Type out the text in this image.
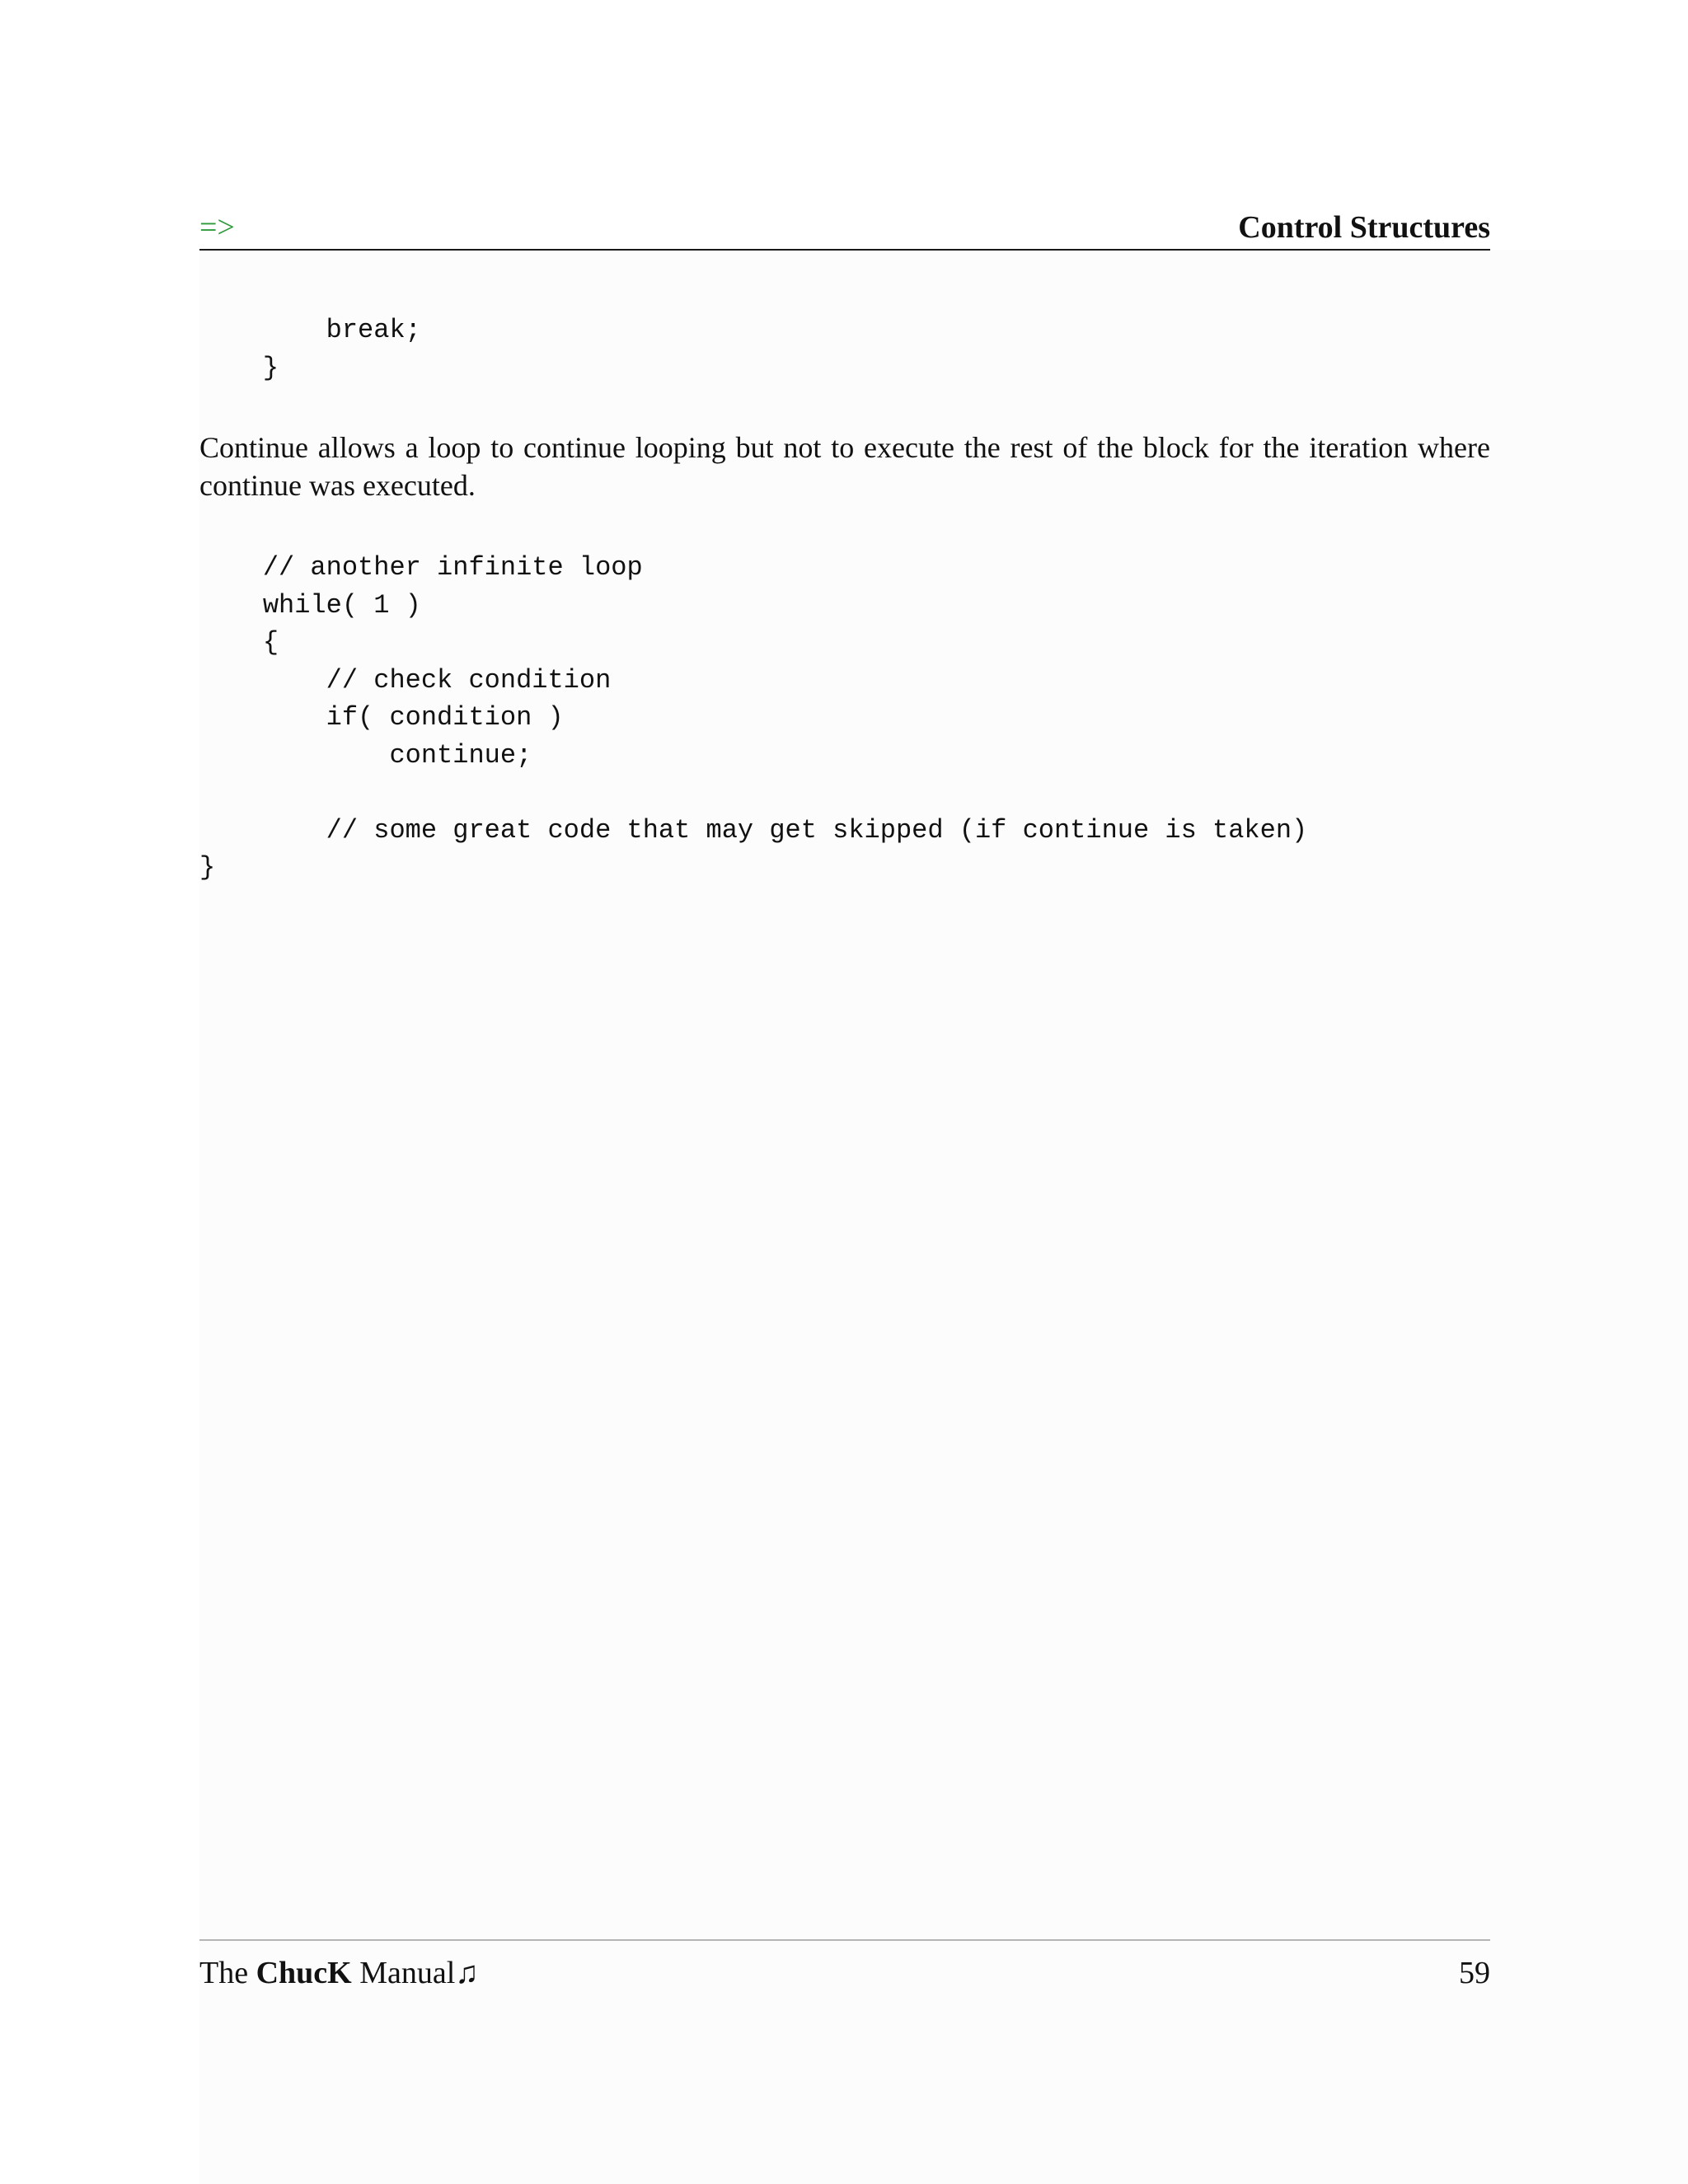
=>	Control Structures
break;
}

Continue allows a loop to continue looping but not to execute the rest of the block for the iteration where continue was executed.

// another infinite loop
while( 1 )
{
// check condition
if( condition )
continue;

// some great code that may get skipped (if continue is taken)
}
The ChucK Manual♫	59
